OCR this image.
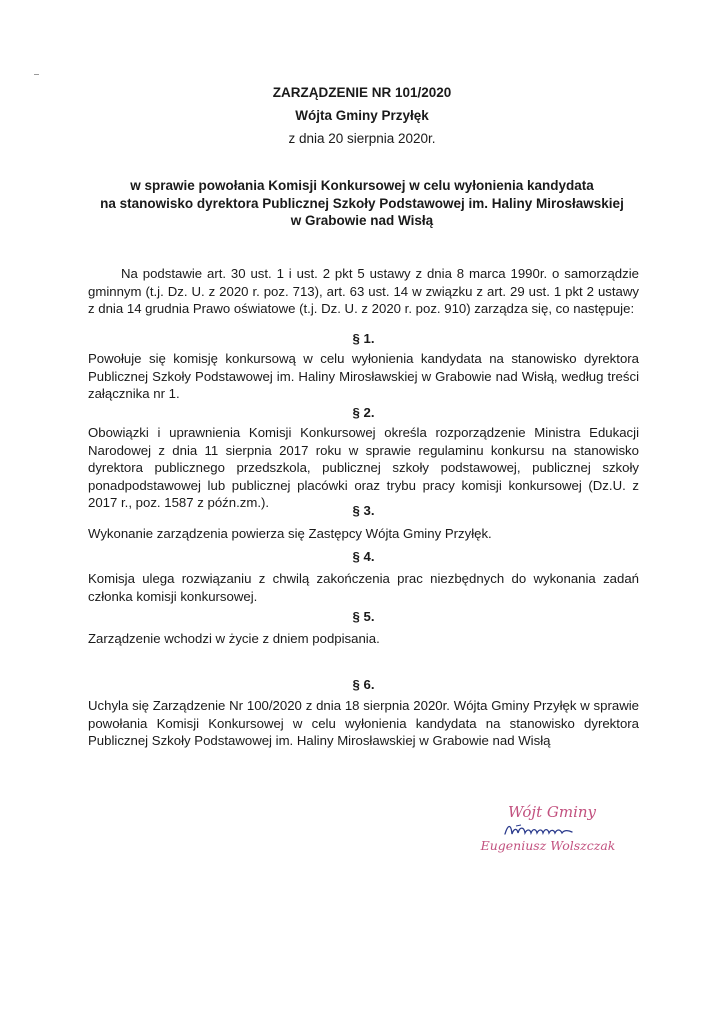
ZARZĄDZENIE NR 101/2020
Wójta Gminy Przyłęk
z dnia 20 sierpnia 2020r.
w sprawie powołania Komisji Konkursowej w celu wyłonienia kandydata
na stanowisko dyrektora Publicznej Szkoły Podstawowej im. Haliny Mirosławskiej
w Grabowie nad Wisłą
Na podstawie art. 30 ust. 1 i ust. 2 pkt 5 ustawy z dnia 8 marca 1990r. o samorządzie gminnym (t.j. Dz. U. z 2020 r. poz. 713), art. 63 ust. 14 w związku z art. 29 ust. 1 pkt 2 ustawy z dnia 14 grudnia Prawo oświatowe (t.j. Dz. U. z 2020 r. poz. 910) zarządza się, co następuje:
§ 1.
Powołuje się komisję konkursową w celu wyłonienia kandydata na stanowisko dyrektora Publicznej Szkoły Podstawowej im. Haliny Mirosławskiej w Grabowie nad Wisłą, według treści załącznika nr 1.
§ 2.
Obowiązki i uprawnienia Komisji Konkursowej określa rozporządzenie Ministra Edukacji Narodowej z dnia 11 sierpnia 2017 roku w sprawie regulaminu konkursu na stanowisko dyrektora publicznego przedszkola, publicznej szkoły podstawowej, publicznej szkoły ponadpodstawowej lub publicznej placówki oraz trybu pracy komisji konkursowej (Dz.U. z 2017 r., poz. 1587 z późn.zm.).
§ 3.
Wykonanie zarządzenia powierza się Zastępcy Wójta Gminy Przyłęk.
§ 4.
Komisja ulega rozwiązaniu z chwilą zakończenia prac niezbędnych do wykonania zadań członka komisji konkursowej.
§ 5.
Zarządzenie wchodzi w życie z dniem podpisania.
§ 6.
Uchyla się Zarządzenie Nr 100/2020 z dnia 18 sierpnia 2020r. Wójta Gminy Przyłęk w sprawie powołania Komisji Konkursowej w celu wyłonienia kandydata na stanowisko dyrektora Publicznej Szkoły Podstawowej im. Haliny Mirosławskiej w Grabowie nad Wisłą
Wójt Gminy
Eugeniusz Wolszczak
